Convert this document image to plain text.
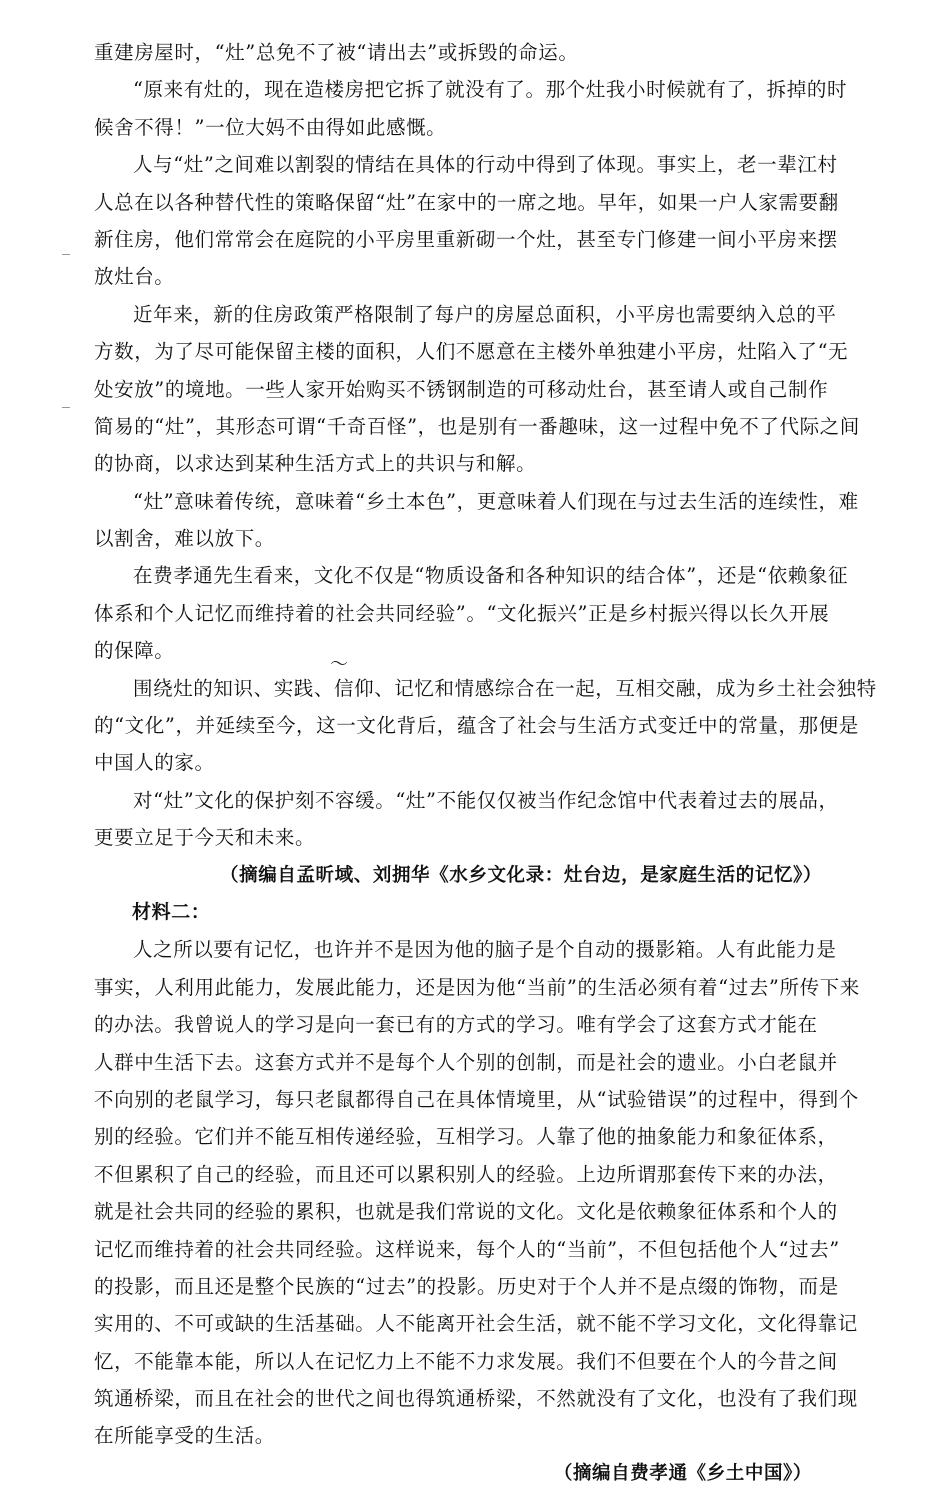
重建房屋时，“灶”总免不了被“请出去”或拆毁的命运。
“原来有灶的，现在造楼房把它拆了就没有了。那个灶我小时候就有了，拆掉的时
候舍不得！”一位大妈不由得如此感慨。
人与“灶”之间难以割裂的情结在具体的行动中得到了体现。事实上，老一辈江村
人总在以各种替代性的策略保留“灶”在家中的一席之地。早年，如果一户人家需要翻
新住房，他们常常会在庭院的小平房里重新砌一个灶，甚至专门修建一间小平房来摆
放灶台。
近年来，新的住房政策严格限制了每户的房屋总面积，小平房也需要纳入总的平
方数，为了尽可能保留主楼的面积，人们不愿意在主楼外单独建小平房，灶陷入了“无
处安放”的境地。一些人家开始购买不锈钢制造的可移动灶台，甚至请人或自己制作
简易的“灶”，其形态可谓“千奇百怪”，也是别有一番趣味，这一过程中免不了代际之间
的协商，以求达到某种生活方式上的共识与和解。
“灶”意味着传统，意味着“乡土本色”，更意味着人们现在与过去生活的连续性，难
以割舍，难以放下。
在费孝通先生看来，文化不仅是“物质设备和各种知识的结合体”，还是“依赖象征
体系和个人记忆而维持着的社会共同经验”。“文化振兴”正是乡村振兴得以长久开展
的保障。
围绕灶的知识、实践、信仰、记忆和情感综合在一起，互相交融，成为乡土社会独特
的“文化”，并延续至今，这一文化背后，蕴含了社会与生活方式变迁中的常量，那便是
中国人的家。
对“灶”文化的保护刻不容缓。“灶”不能仅仅被当作纪念馆中代表着过去的展品，
更要立足于今天和未来。
（摘编自孟昕域、刘拥华《水乡文化录：灶台边，是家庭生活的记忆》）
材料二：
人之所以要有记忆，也许并不是因为他的脑子是个自动的摄影箱。人有此能力是
事实，人利用此能力，发展此能力，还是因为他“当前”的生活必须有着“过去”所传下来
的办法。我曾说人的学习是向一套已有的方式的学习。唯有学会了这套方式才能在
人群中生活下去。这套方式并不是每个人个别的创制，而是社会的遗业。小白老鼠并
不向别的老鼠学习，每只老鼠都得自己在具体情境里，从“试验错误”的过程中，得到个
别的经验。它们并不能互相传递经验，互相学习。人靠了他的抽象能力和象征体系，
不但累积了自己的经验，而且还可以累积别人的经验。上边所谓那套传下来的办法，
就是社会共同的经验的累积，也就是我们常说的文化。文化是依赖象征体系和个人的
记忆而维持着的社会共同经验。这样说来，每个人的“当前”，不但包括他个人“过去”
的投影，而且还是整个民族的“过去”的投影。历史对于个人并不是点缀的饰物，而是
实用的、不可或缺的生活基础。人不能离开社会生活，就不能不学习文化，文化得靠记
忆，不能靠本能，所以人在记忆力上不能不力求发展。我们不但要在个人的今昔之间
筑通桥梁，而且在社会的世代之间也得筑通桥梁，不然就没有了文化，也没有了我们现
在所能享受的生活。
（摘编自费孝通《乡土中国》）
～
